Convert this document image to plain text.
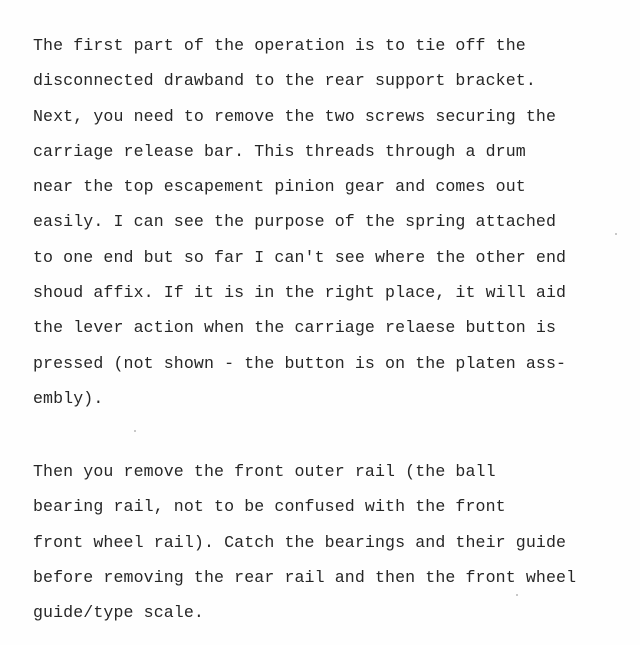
The first part of the operation is to tie off the
disconnected drawband to the rear support bracket.
Next, you need to remove the two screws securing the
carriage release bar. This threads through a drum
near the top escapement pinion gear and comes out
easily. I can see the purpose of the spring attached
to one end but so far I can't see where the other end
shoud affix. If it is in the right place, it will aid
the lever action when the carriage relaese button is
pressed (not shown - the button is on the platen ass-
embly).
Then you remove the front outer rail (the ball
bearing rail, not to be confused with the front
front wheel rail). Catch the bearings and their guide
before removing the rear rail and then the front wheel
guide/type scale.
